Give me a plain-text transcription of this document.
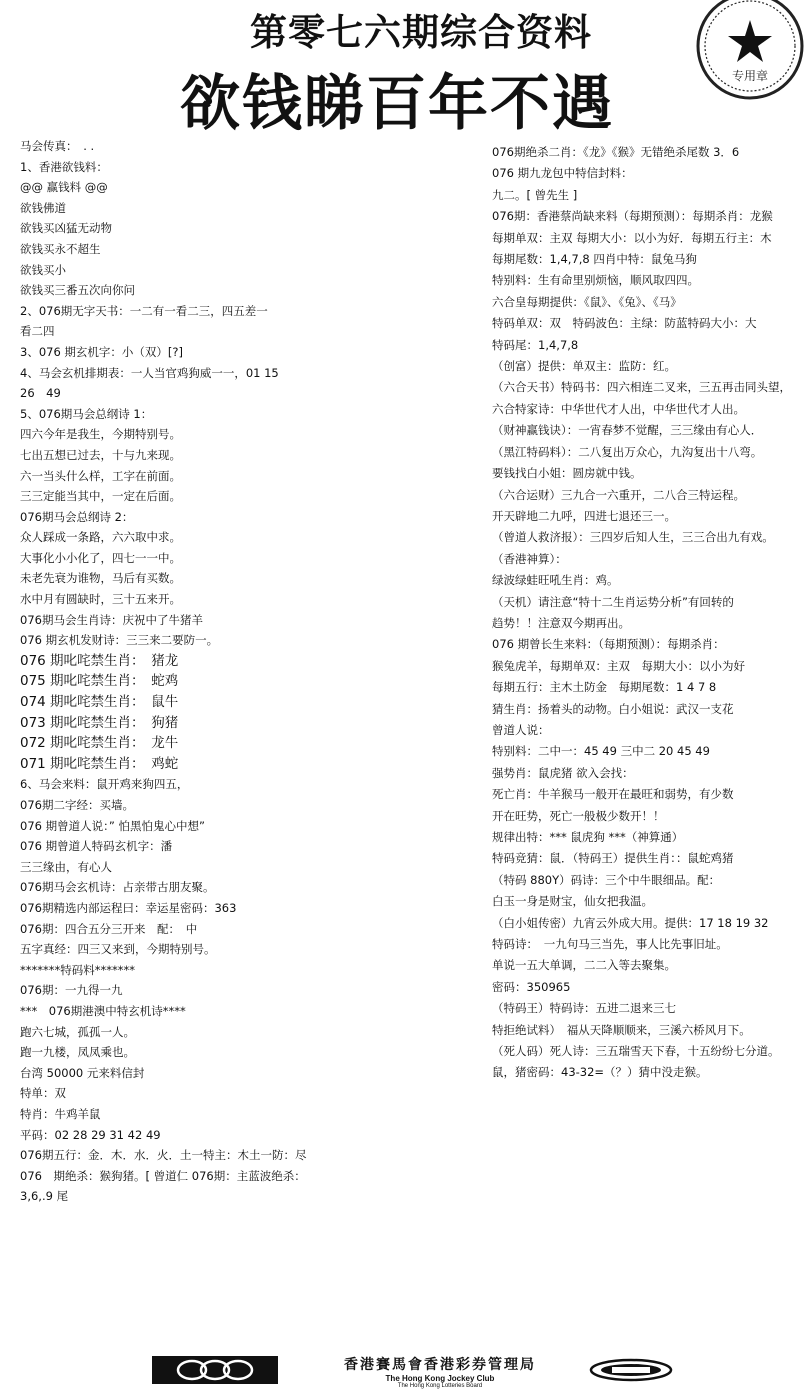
第零七六期综合资料
欲钱睇百年不遇	专用章
马会传真：　. .
1、香港欲钱料：
@@ 赢钱料 @@
欲钱佛道
欲钱买凶猛无动物
欲钱买永不超生
欲钱买小
欲钱买三番五次向你问
2、076期无字天书：一二有一看二三，四五差一
看二四
3、076 期玄机字：小（双）[?]
4、马会玄机排期表：一人当官鸡狗威一一，01 15
26　49
5、076期马会总纲诗 1：
四六今年是我生，今期特别号。
七出五想已过去，十与九来现。
六一当头什么样，工字在前面。
三三定能当其中，一定在后面。
076期马会总纲诗 2：
众人踩成一条路，六六取中求。
大事化小小化了，四七一一中。
未老先衰为谁物，马后有买数。
水中月有圆缺时，三十五来开。
076期马会生肖诗：庆祝中了牛猪羊
076 期玄机发财诗：三三来二要防一。
076 期叱咤禁生肖：　猪龙
075 期叱咤禁生肖：　蛇鸡
074 期叱咤禁生肖：　鼠牛
073 期叱咤禁生肖：　狗猪
072 期叱咤禁生肖：　龙牛
071 期叱咤禁生肖：　鸡蛇
6、马会来料：鼠开鸡来狗四五，
076期二字经：买墙。
076 期曾道人说：” 怕黑怕鬼心中想”
076 期曾道人特码玄机字：潘
三三缘由，有心人
076期马会玄机诗：占亲带古朋友聚。
076期精选内部运程曰：幸运星密码：363
076期：四合五分三开来　配：　中
五字真经：四三又来到，今期特别号。
*******特码料*******
076期：一九得一九
***　076期港澳中特玄机诗****
跑六七城，孤孤一人。
跑一九楼，凤凤乘也。
台湾 50000 元来料信封
特单：双
特肖：牛鸡羊鼠
平码：02 28 29 31 42 49
076期五行：金．木．水．火．土一特主：木土一防：尽
076　期绝杀：猴狗猪。[ 曾道仁 076期：主蓝波绝杀：
3,6,.9 尾
076期绝杀二肖：《龙》《猴》无错绝杀尾数 3．6
076 期九龙包中特信封料：
九二。[ 曾先生 ]
076期：香港蔡尚缺来料（每期预测）：每期杀肖：龙猴
每期单双：主双 每期大小：以小为好．每期五行主：木
每期尾数：1,4,7,8 四肖中特：鼠兔马狗
特别料：生有命里别烦恼，顺风取四四。
六合皇每期提供：《鼠》、《兔》、《马》
特码单双：双　特码波色：主绿：防蓝特码大小：大
特码尾：1,4,7,8
（创富）提供：单双主：监防：红。
（六合天书）特码书：四六相连二叉来，三五再击同头望，
六合特家诗：中华世代才人出，中华世代才人出。
（财神赢钱诀）：一宵春梦不觉醒，三三缘由有心人．
（黑江特码料）：二八复出万众心，九沟复出十八弯。
要钱找白小姐：圆房就中钱。
（六合运财）三九合一六重开，二八合三特运程。
开天辟地二九呼，四进七退还三一。
（曾道人救济报）：三四岁后知人生，三三合出九有戏。
（香港神算）：
绿波绿蛙旺吼生肖：鸡。
（天机）请注意“特十二生肖运势分析”有回转的
趋势！！注意双今期再出。
076 期曾长生来料：（每期预测）：每期杀肖：
猴兔虎羊，每期单双：主双　每期大小：以小为好
每期五行：主木土防金　每期尾数：1 4 7 8
猜生肖：扬着头的动物。白小姐说：武汉一支花
曾道人说：
特别料：二中一：45 49 三中二 20 45 49
强势肖：鼠虎猪 欲入会找：
死亡肖：牛羊猴马一般开在最旺和弱势，有少数
开在旺势，死亡一般极少数开！！
规律出特：*** 鼠虎狗 ***（神算通）
特码竞猜：鼠．（特码王）提供生肖：：鼠蛇鸡猪
（特码 880Y）码诗：三个中牛眼细品。配：
白玉一身是财宝，仙女把我温。
（白小姐传密）九宵云外成大用。提供：17 18 19 32
特码诗：　一九句马三当先，事人比先事旧址。
单说一五大单调，二二入等去聚集。
密码：350965
（特码王）特码诗：五进二退来三七
特拒绝试料）　福从天降顺顺来，三溪六桥风月下。
（死人码）死人诗：三五瑞雪天下春，十五纷纷七分道。
鼠，猪密码：43-32=（？）猜中没走猴。
香港賽馬會香港彩券管理局
The Hong Kong Jockey Club
The Hong Kong Lotteries Board
